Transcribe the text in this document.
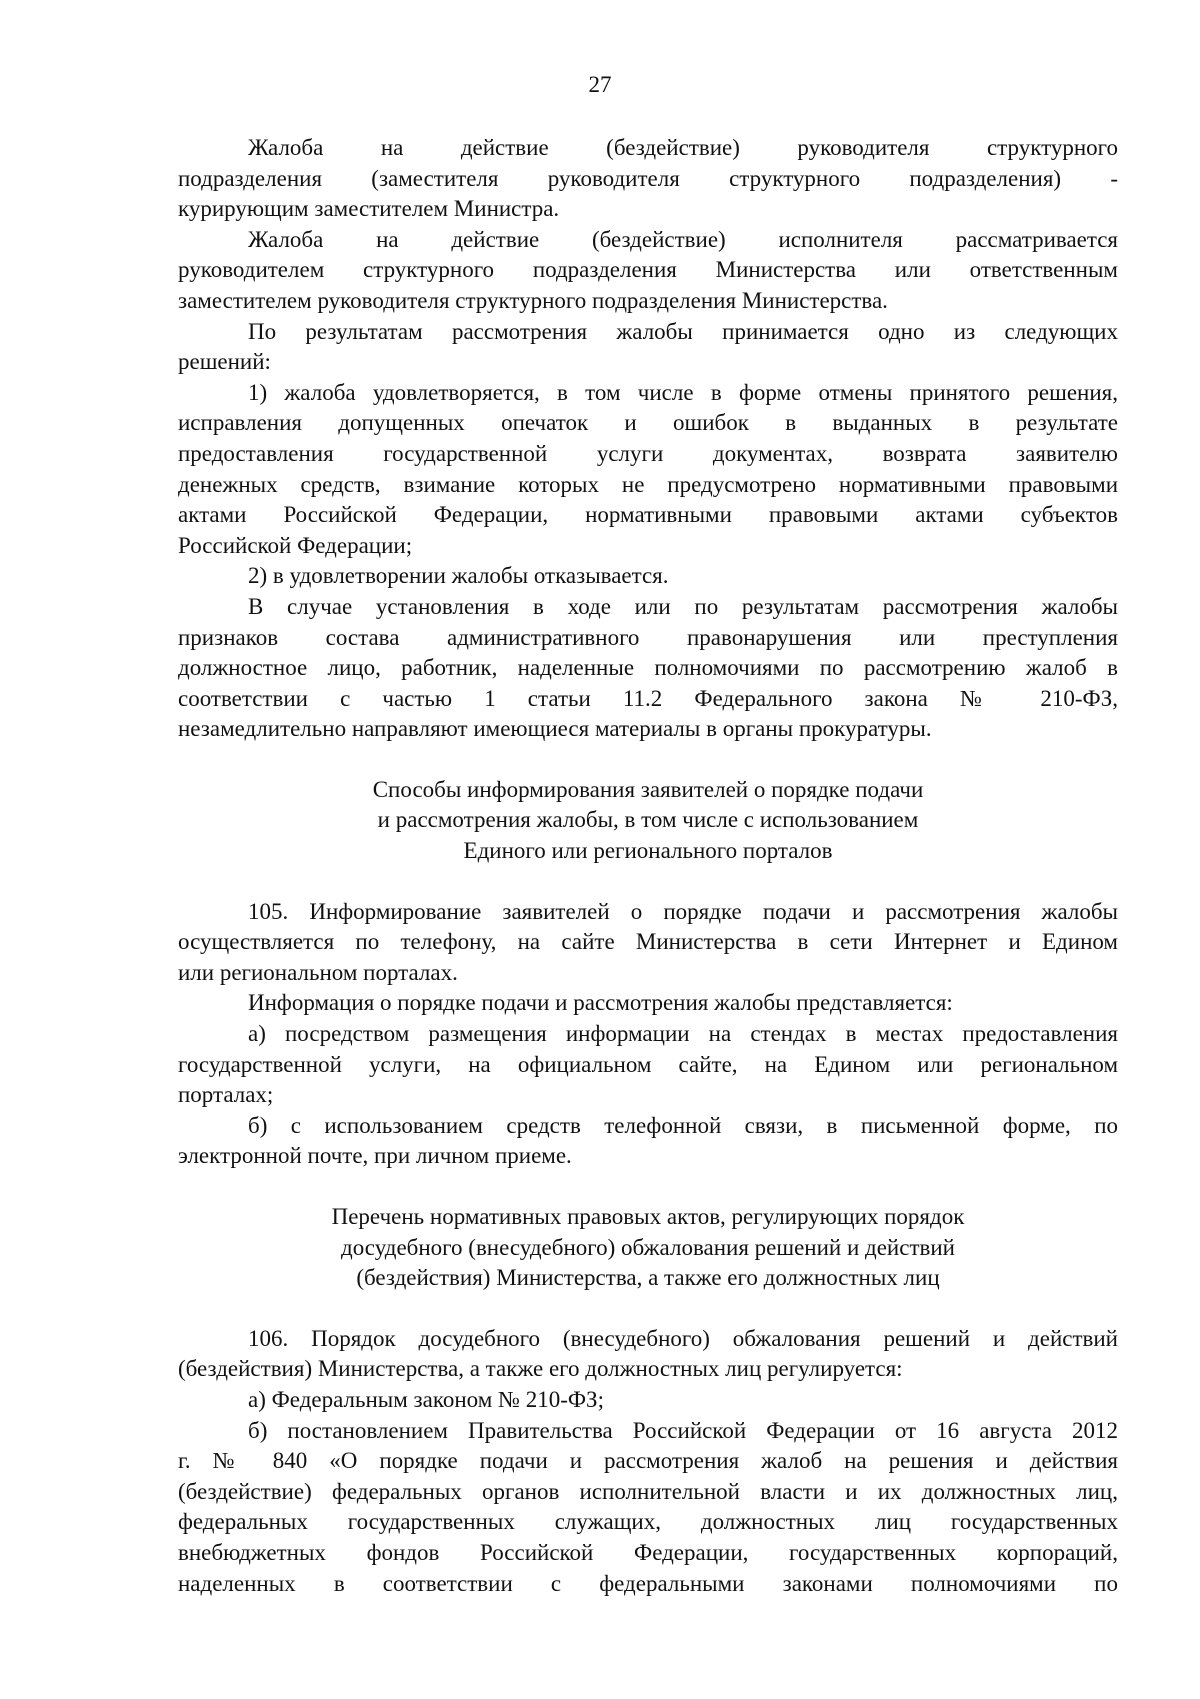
27
Жалоба на действие (бездействие) руководителя структурного
подразделения (заместителя руководителя структурного подразделения) -
курирующим заместителем Министра.
Жалоба на действие (бездействие) исполнителя рассматривается
руководителем структурного подразделения Министерства или ответственным
заместителем руководителя структурного подразделения Министерства.
По результатам рассмотрения жалобы принимается одно из следующих
решений:
1) жалоба удовлетворяется, в том числе в форме отмены принятого решения,
исправления допущенных опечаток и ошибок в выданных в результате
предоставления государственной услуги документах, возврата заявителю
денежных средств, взимание которых не предусмотрено нормативными правовыми
актами Российской Федерации, нормативными правовыми актами субъектов
Российской Федерации;
2) в удовлетворении жалобы отказывается.
В случае установления в ходе или по результатам рассмотрения жалобы
признаков состава административного правонарушения или преступления
должностное лицо, работник, наделенные полномочиями по рассмотрению жалоб в
соответствии с частью 1 статьи 11.2 Федерального закона № 210-ФЗ,
незамедлительно направляют имеющиеся материалы в органы прокуратуры.
Способы информирования заявителей о порядке подачи
и рассмотрения жалобы, в том числе с использованием
Единого или регионального порталов
105. Информирование заявителей о порядке подачи и рассмотрения жалобы
осуществляется по телефону, на сайте Министерства в сети Интернет и Едином
или региональном порталах.
Информация о порядке подачи и рассмотрения жалобы представляется:
а) посредством размещения информации на стендах в местах предоставления
государственной услуги, на официальном сайте, на Едином или региональном
порталах;
б) с использованием средств телефонной связи, в письменной форме, по
электронной почте, при личном приеме.
Перечень нормативных правовых актов, регулирующих порядок
досудебного (внесудебного) обжалования решений и действий
(бездействия) Министерства, а также его должностных лиц
106. Порядок досудебного (внесудебного) обжалования решений и действий
(бездействия) Министерства, а также его должностных лиц регулируется:
а) Федеральным законом № 210-ФЗ;
б) постановлением Правительства Российской Федерации от 16 августа 2012
г. № 840 «О порядке подачи и рассмотрения жалоб на решения и действия
(бездействие) федеральных органов исполнительной власти и их должностных лиц,
федеральных государственных служащих, должностных лиц государственных
внебюджетных фондов Российской Федерации, государственных корпораций,
наделенных в соответствии с федеральными законами полномочиями по
